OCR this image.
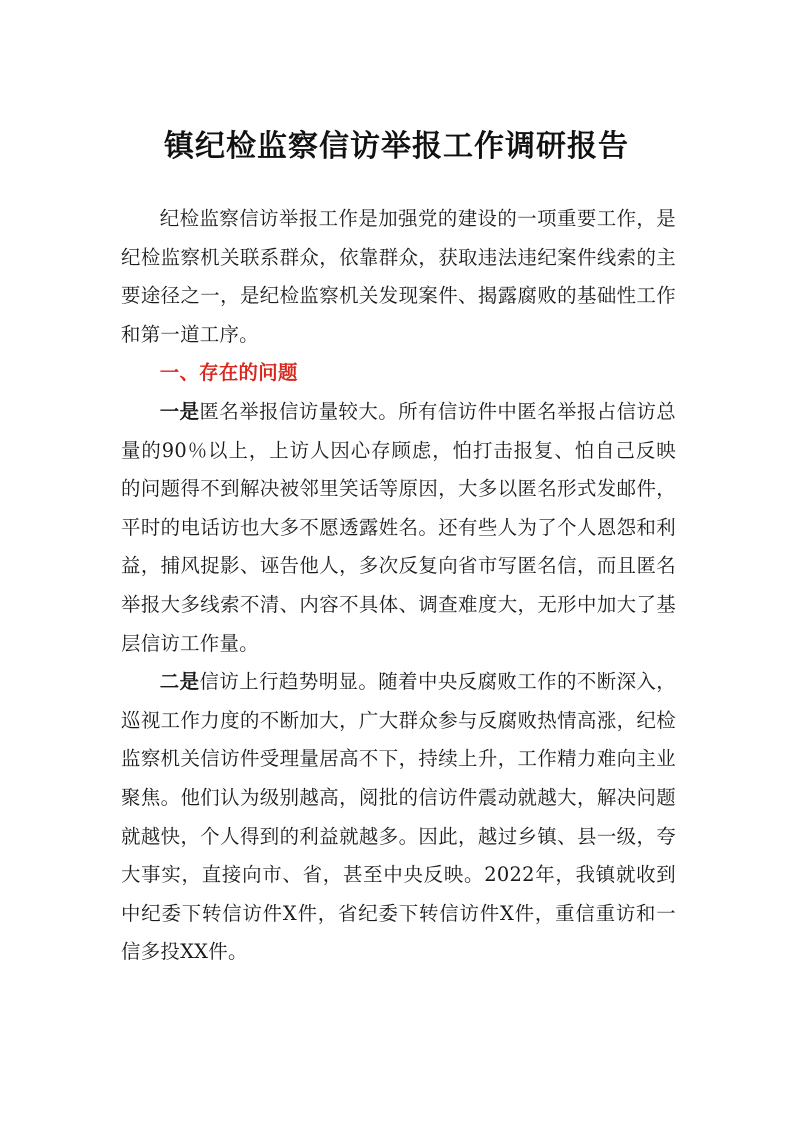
镇纪检监察信访举报工作调研报告

纪检监察信访举报工作是加强党的建设的一项重要工作，是纪检监察机关联系群众，依靠群众，获取违法违纪案件线索的主要途径之一，是纪检监察机关发现案件、揭露腐败的基础性工作和第一道工序。

一、存在的问题

一是匿名举报信访量较大。所有信访件中匿名举报占信访总量的90％以上，上访人因心存顾虑，怕打击报复、怕自己反映的问题得不到解决被邻里笑话等原因，大多以匿名形式发邮件，平时的电话访也大多不愿透露姓名。还有些人为了个人恩怨和利益，捕风捉影、诬告他人，多次反复向省市写匿名信，而且匿名举报大多线索不清、内容不具体、调查难度大，无形中加大了基层信访工作量。

二是信访上行趋势明显。随着中央反腐败工作的不断深入，巡视工作力度的不断加大，广大群众参与反腐败热情高涨，纪检监察机关信访件受理量居高不下，持续上升，工作精力难向主业聚焦。他们认为级别越高，阅批的信访件震动就越大，解决问题就越快，个人得到的利益就越多。因此，越过乡镇、县一级，夸大事实，直接向市、省，甚至中央反映。2022年，我镇就收到中纪委下转信访件X件，省纪委下转信访件X件，重信重访和一信多投XX件。
